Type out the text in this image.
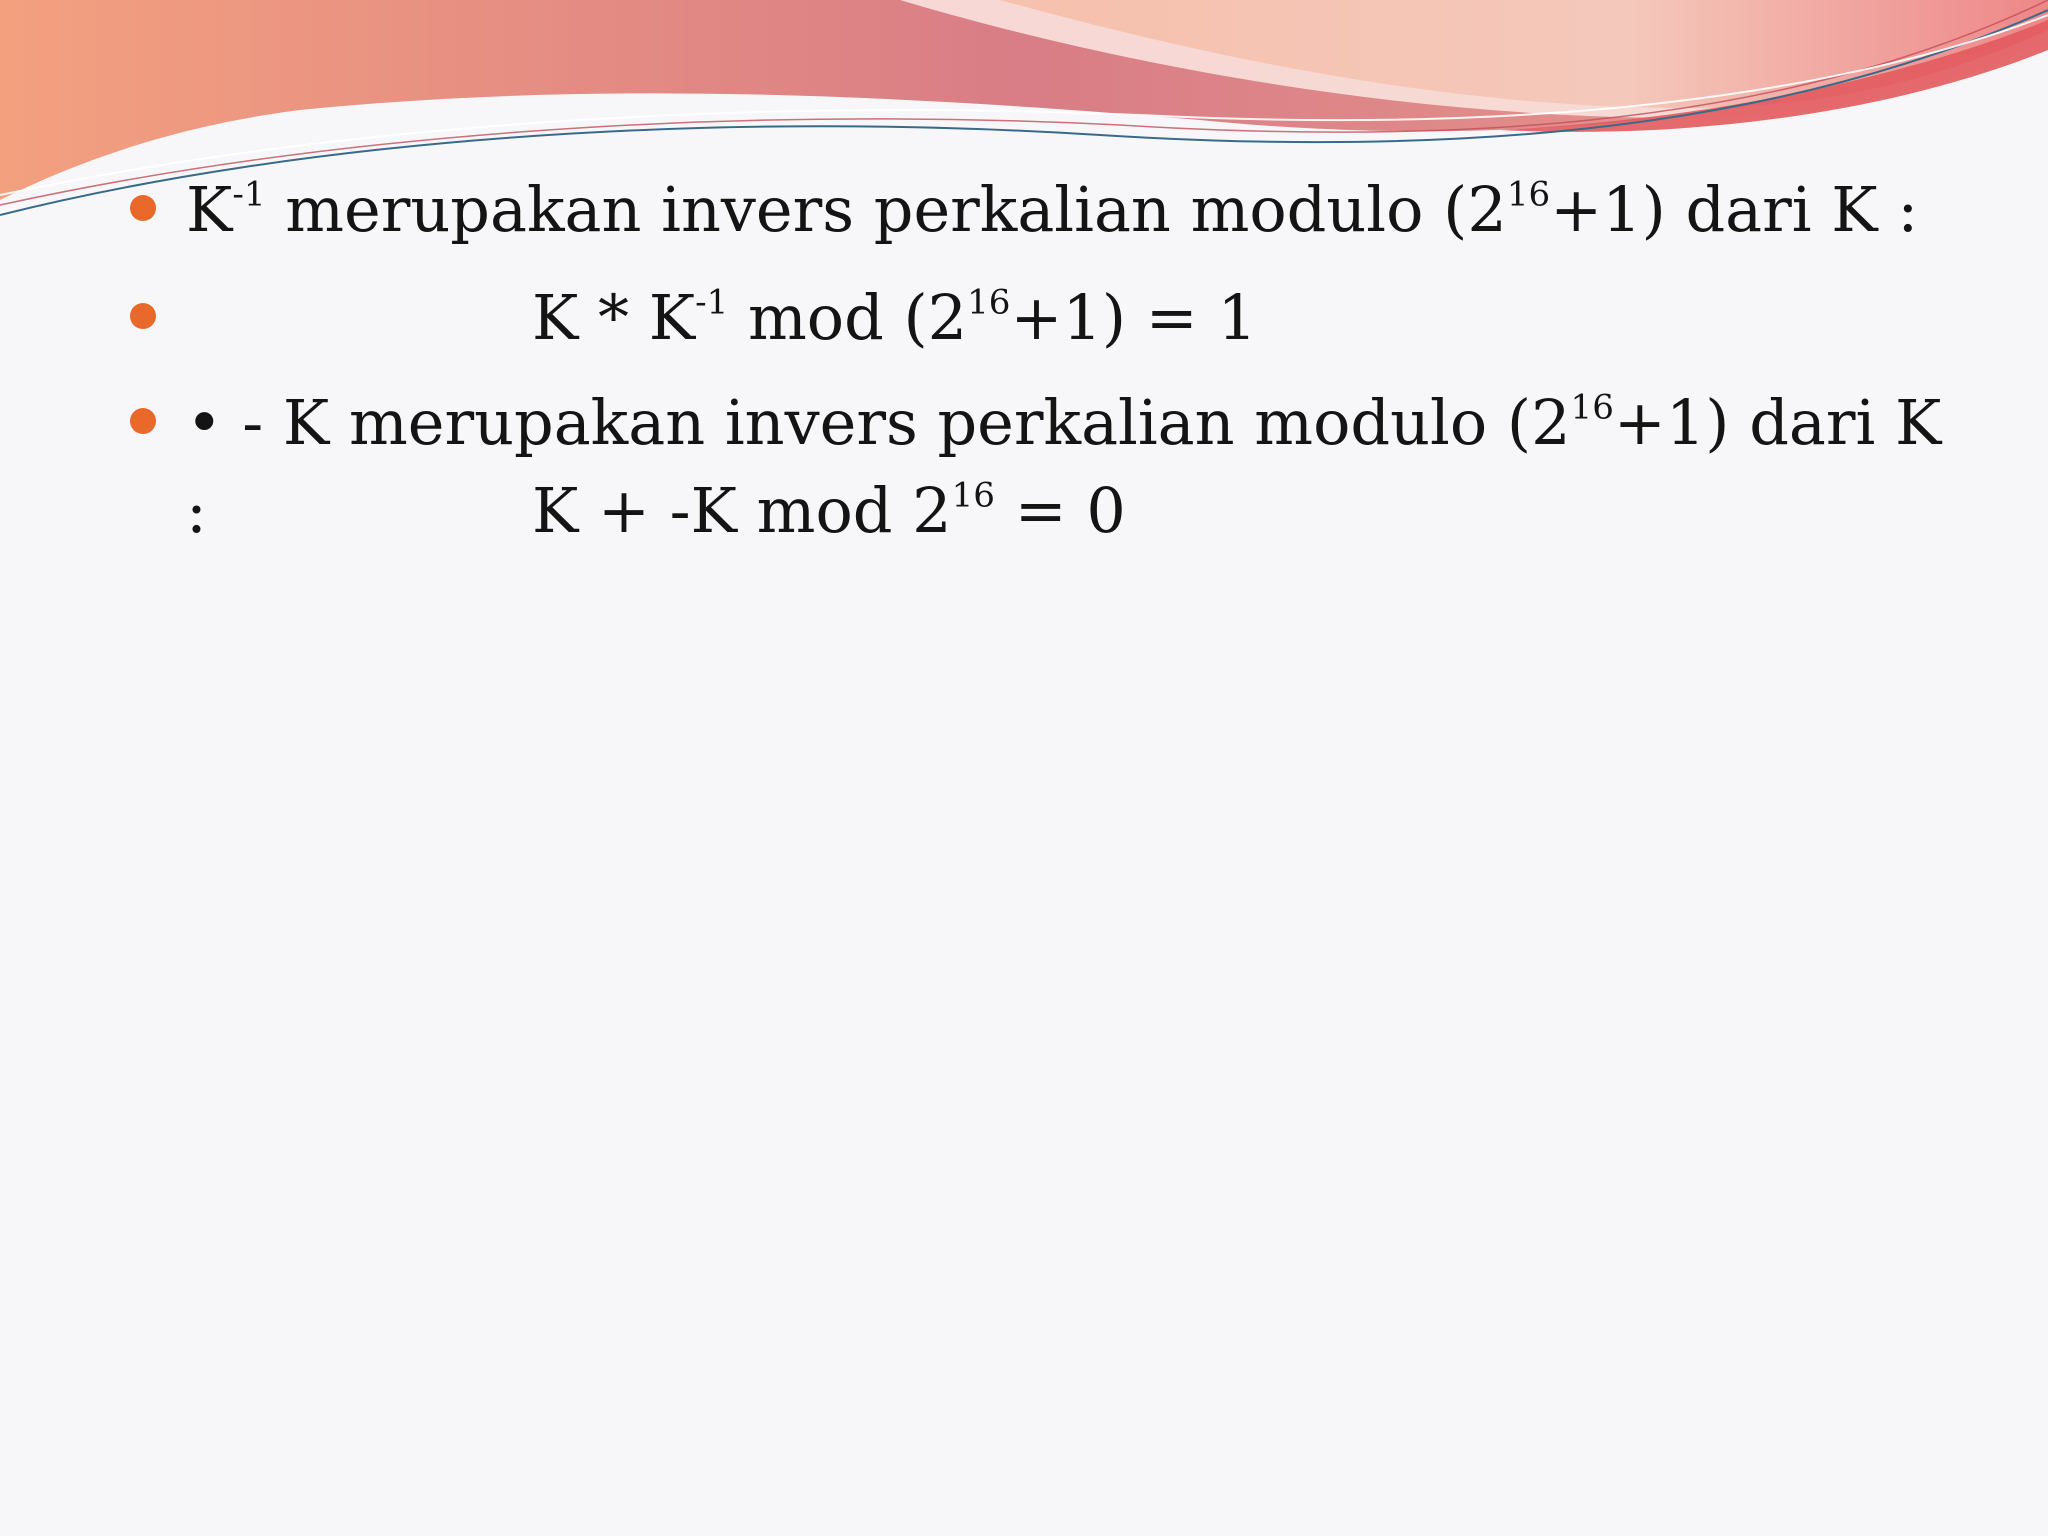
$K^{-1}$ merupakan invers perkalian modulo $(2^{16}+1)$ dari K :
K * $K^{-1}$ mod $(2^{16}+1) = 1$
• - K merupakan invers perkalian modulo $(2^{16}+1)$ dari K
:	K + -K mod $2^{16} = 0$
